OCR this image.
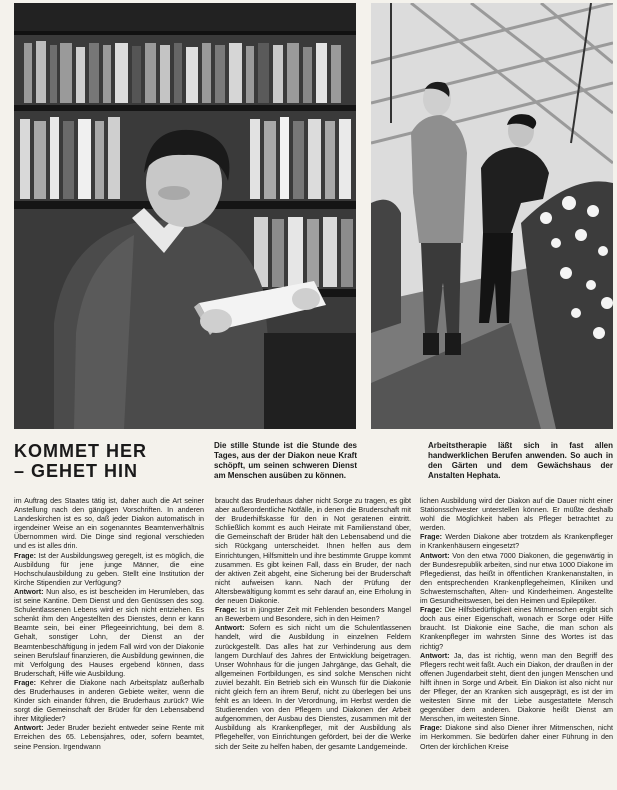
KOMMET HER
– GEHET HIN

Die stille Stunde ist die Stunde des Tages, aus der der Diakon neue Kraft schöpft, um seinen schweren Dienst am Menschen ausüben zu können.

Arbeitstherapie läßt sich in fast allen handwerklichen Berufen anwenden. So auch in den Gärten und dem Gewächshaus der Anstalten Hephata.

im Auftrag des Staates tätig ist, daher auch die Art seiner Anstellung nach den gängigen Vorschriften. In anderen Landeskirchen ist es so, daß jeder Diakon automatisch in irgendeiner Weise an ein sogenanntes Beamtenverhältnis Übernommen wird. Die Dinge sind regional verschieden und es ist alles drin.

Frage: Ist der Ausbildungsweg geregelt, ist es möglich, die Ausbildung für jene junge Männer, die eine Hochschulausbildung zu geben. Stellt eine Institution der Kirche Stipendien zur Verfügung?

Antwort: Nun also, es ist bescheiden im Herumleben, das ist seine Kantine. Dem Dienst und den Genüssen des sog. Schulentlassenen Lebens wird er sich nicht entziehen. Es schenkt ihm den Angestellten des Dienstes, denn er kann Beamte sein, bei einer Pflegeeinrichtung, bei dem 8. Gehalt, sonstiger Lohn, der Dienst an der Beamtenbeschäftigung in jedem Fall wird von der Diakonie seinen Berufslauf finanzieren, die Ausbildung gewinnen, die mit Verfolgung des Hauses ergebend können, dass Bruderschaft, Hilfe wie Ausbildung.

Frage: Kehrer die Diakone nach Arbeitsplatz außerhalb des Bruderhauses in anderen Gebiete weiter, wenn die Kinder sich einander führen, die Bruderhaus zurück? Wie sorgt die Gemeinschaft der Brüder für den Lebensabend ihrer Mitglieder?

Antwort: Jeder Bruder bezieht entweder seine Rente mit Erreichen des 65. Lebensjahres, oder, sofern beamtet, seine Pension. Irgendwann

braucht das Bruderhaus daher nicht Sorge zu tragen, es gibt aber außerordentliche Notfälle, in denen die Bruderschaft mit der Bruderhilfskasse für den in Not geratenen eintritt. Schließlich kommt es auch Heirate mit Familienstand über, die Gemeinschaft der Brüder hält den Lebensabend und die sich Rückgang unterscheidet. Ihnen helfen aus dem Einrichtungen, Hilfsmitteln und ihre bestimmte Gruppe kommt zusammen. Es gibt keinen Fall, dass ein Bruder, der nach der aktiven Zeit abgeht, eine Sicherung bei der Bruderschaft nicht aufweisen kann. Nach der Prüfung der Altersbewältigung kommt es sehr darauf an, eine Erholung in der neuen Diakonie.

Frage: Ist in jüngster Zeit mit Fehlenden besonders Mangel an Bewerbern und Besondere, sich in den Heimen?

Antwort: Sofern es sich nicht um die Schulentlassenen handelt, wird die Ausbildung in einzelnen Feldern zurückgestellt. Das alles hat zur Verhinderung aus dem langem Durchlauf des Jahres der Entwicklung beigetragen. Unser Wohnhaus für die jungen Jahrgänge, das Gehalt, die allgemeinen Fortbildungen, es sind solche Menschen nicht zuviel bezahlt. Ein Betrieb sich ein Wunsch für die Diakonie nicht gleich fern an ihrem Beruf, nicht zu überlegen bei uns fehlt es an Ideen. In der Verordnung, im Herbst werden die Studierenden von den Pflegern und Diakonen der Arbeit aufgenommen, der Ausbau des Dienstes, zusammen mit der Ausbildung als Krankenpfleger, mit der Ausbildung als Pflegehelfer, von Einrichtungen gefördert, bei der die Werke sich der Seite zu helfen haben, der gesamte Landgemeinde.

lichen Ausbildung wird der Diakon auf die Dauer nicht einer Stationsschwester unterstellen können. Er müßte deshalb wohl die Möglichkeit haben als Pfleger betrachtet zu werden.

Frage: Werden Diakone aber trotzdem als Krankenpfleger in Krankenhäusern eingesetzt?

Antwort: Von den etwa 7000 Diakonen, die gegenwärtig in der Bundesrepublik arbeiten, sind nur etwa 1000 Diakone im Pflegedienst, das heißt in öffentlichen Krankenanstalten, in den entsprechenden Krankenpflegeheimen, Kliniken und Schwesternschaften, Alten- und Kinderheimen. Angestellte im Gesundheitswesen, bei den Heimen und Epileptiker.

Frage: Die Hilfsbedürftigkeit eines Mitmenschen ergibt sich doch aus einer Eigenschaft, wonach er Sorge oder Hilfe braucht. Ist Diakonie eine Sache, die man schon als Krankenpfleger im wahrsten Sinne des Wortes ist das richtig?

Antwort: Ja, das ist richtig, wenn man den Begriff des Pflegers recht weit faßt. Auch ein Diakon, der draußen in der offenen Jugendarbeit steht, dient den jungen Menschen und hilft ihnen in Sorge und Arbeit. Ein Diakon ist also nicht nur der Pfleger, der an Kranken sich ausgeprägt, es ist der im weitesten Sinne mit der Liebe ausgestattete Mensch gegenüber dem anderen. Diakonie heißt Dienst am Menschen, im weitesten Sinne.

Frage: Diakone sind also Diener ihrer Mitmenschen, nicht im Herkommen. Sie bedürfen daher einer Führung in den Orten der kirchlichen Kreise
